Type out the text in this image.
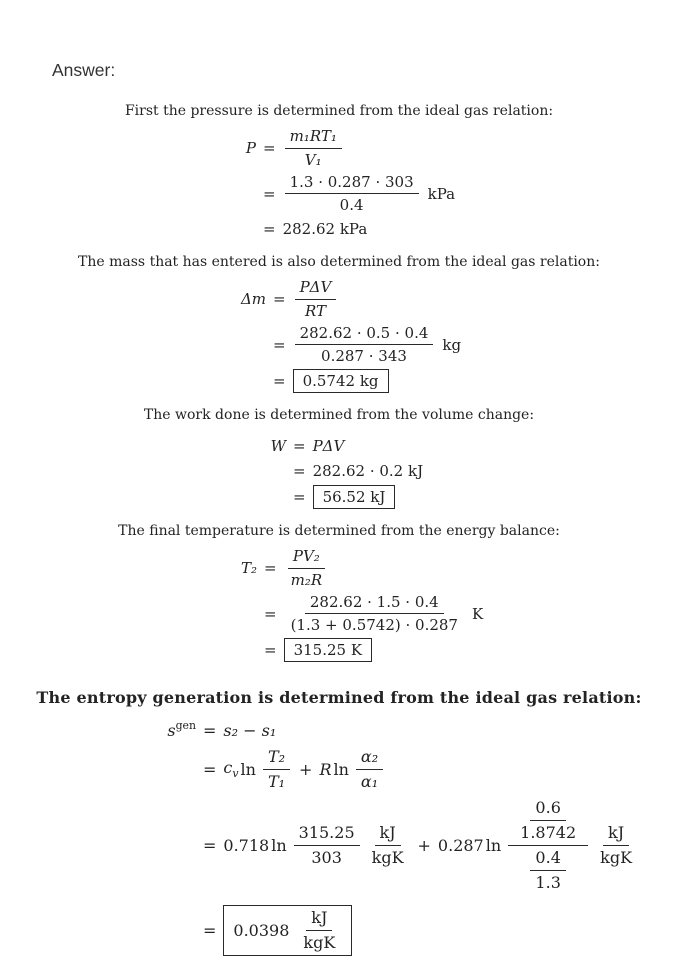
Answer:
First the pressure is determined from the ideal gas relation:
$P = \frac{\text{m₁RT₁}}{\text{V₁}}$
= $\frac{1.3 \cdot 0.287 \cdot 303}{0.4}$ kPa
= 282.62 kPa
The mass that has entered is also determined from the ideal gas relation:
$\Delta m = \frac{\text{PΔV}}{RT}$
= $\frac{282.62 \cdot 0.5 \cdot 0.4}{0.287 \cdot 343}$ kg
= 0.5742 kg
The work done is determined from the volume change:
W = PΔV
= 282.62 · 0.2 kJ
= 56.52 kJ
The final temperature is determined from the energy balance:
$T_2 = \frac{\text{PV₂}}{\text{m₂R}}$
= $\frac{282.62 \cdot 1.5 \cdot 0.4}{(1.3 + 0.5742) \cdot 0.287}$ K
= 315.25 K
The entropy generation is determined from the ideal gas relation:
s gen = s₂ − s₁
= $c_v$ $\ln \frac{\text{T₂}}{\text{T₁}} + R$ $\ln \frac{\text{α₂}}{\text{α₁}}$
= 0.718 $\ln \frac{315.25}{303} \frac{kJ}{\text{kgK}} + 0.287$ $\ln \frac{\frac{0.6}{1.8742}}{\frac{0.4}{1.3}} \frac{kJ}{\text{kgK}}$
= $0.0398 \frac{kJ}{\text{kgK}}$
